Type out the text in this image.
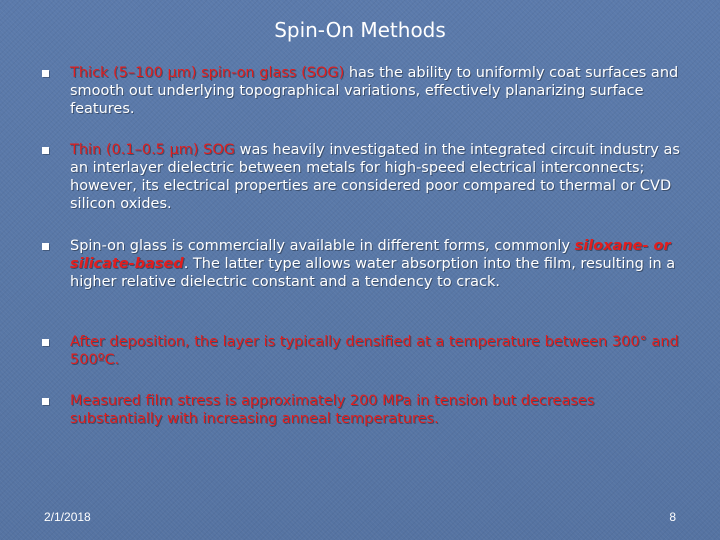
Spin-On Methods
Thick (5–100 µm) spin-on glass (SOG) has the ability to uniformly coat surfaces and smooth out underlying topographical variations, effectively planarizing surface features.
Thin (0.1–0.5 µm) SOG was heavily investigated in the integrated circuit industry as an interlayer dielectric between metals for high-speed electrical interconnects; however, its electrical properties are considered poor compared to thermal or CVD silicon oxides.
Spin-on glass is commercially available in different forms, commonly siloxane- or silicate-based. The latter type allows water absorption into the film, resulting in a higher relative dielectric constant and a tendency to crack.
After deposition, the layer is typically densified at a temperature between 300° and 500ºC.
Measured film stress is approximately 200 MPa in tension but decreases substantially with increasing anneal temperatures.
2/1/2018	8
